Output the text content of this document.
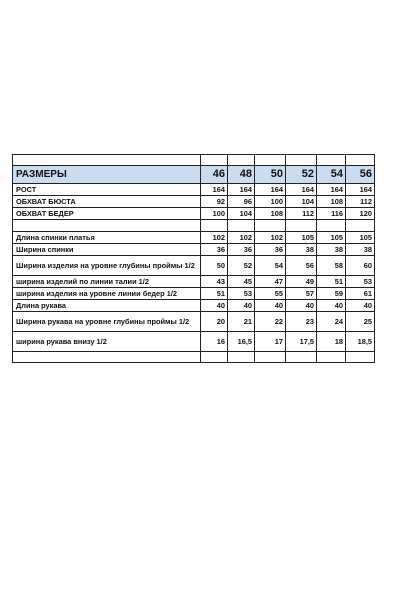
РАЗМЕРЫ	46	48	50	52	54	56
РОСТ	164	164	164	164	164	164
ОБХВАТ БЮСТА	92	96	100	104	108	112
ОБХВАТ БЕДЕР	100	104	108	112	116	120

Длина спинки платья	102	102	102	105	105	105
Ширина спинки	36	36	36	38	38	38
Ширина изделия на уровне глубины проймы 1/2	50	52	54	56	58	60
ширина изделий по линии талии 1/2	43	45	47	49	51	53
ширина изделия на уровне линии бедер 1/2	51	53	55	57	59	61
Длина рукава	40	40	40	40	40	40
Ширина рукава на уровне глубины проймы 1/2	20	21	22	23	24	25
ширина рукава внизу 1/2	16	16,5	17	17,5	18	18,5
